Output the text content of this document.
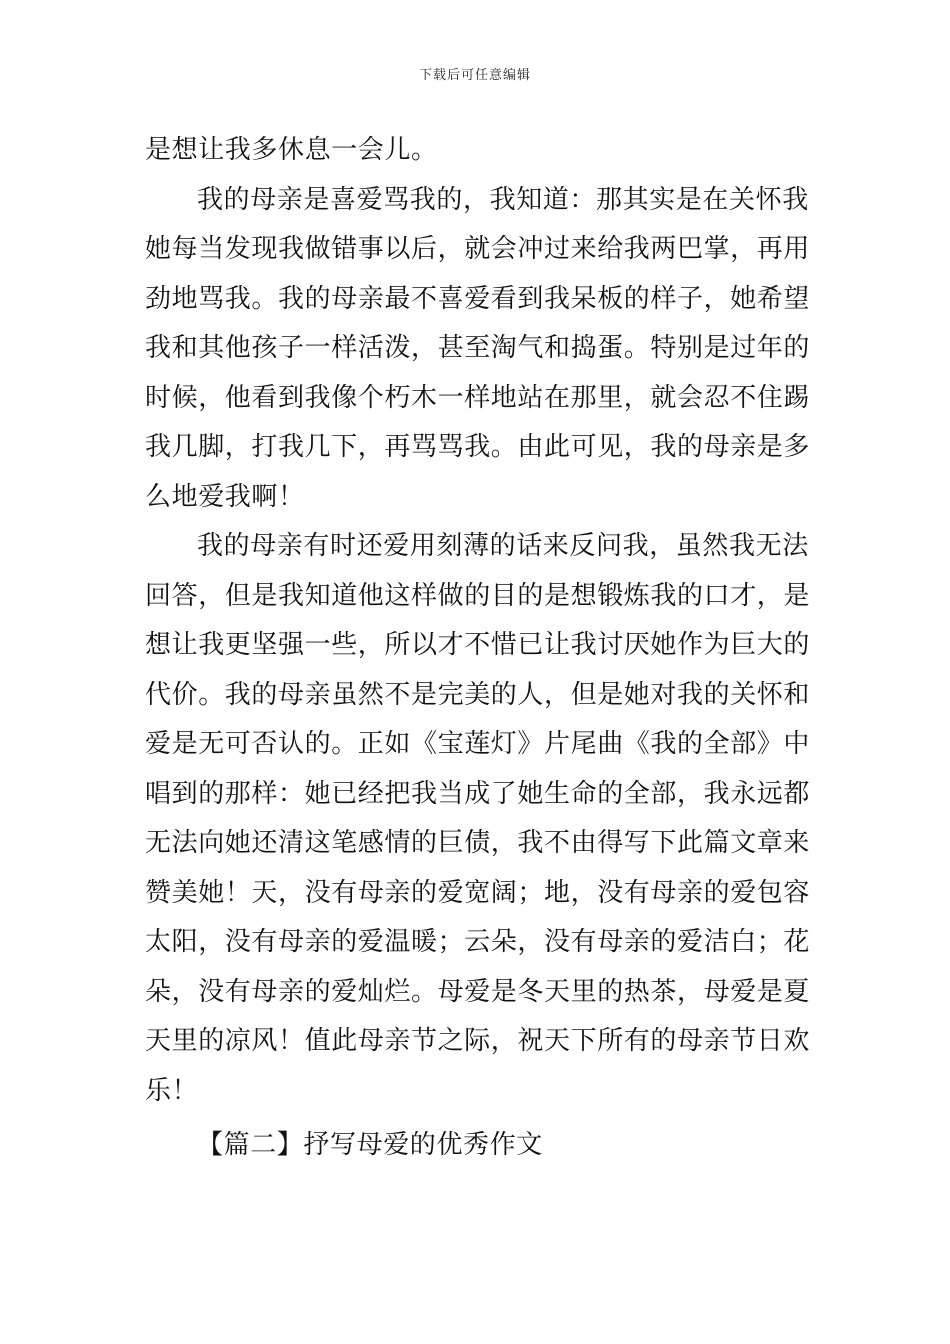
下载后可任意编辑
是想让我多休息一会儿。
我的母亲是喜爱骂我的，我知道：那其实是在关怀我
她每当发现我做错事以后，就会冲过来给我两巴掌，再用
劲地骂我。我的母亲最不喜爱看到我呆板的样子，她希望
我和其他孩子一样活泼，甚至淘气和捣蛋。特别是过年的
时候，他看到我像个朽木一样地站在那里，就会忍不住踢
我几脚，打我几下，再骂骂我。由此可见，我的母亲是多
么地爱我啊！
我的母亲有时还爱用刻薄的话来反问我，虽然我无法
回答，但是我知道他这样做的目的是想锻炼我的口才，是
想让我更坚强一些，所以才不惜已让我讨厌她作为巨大的
代价。我的母亲虽然不是完美的人，但是她对我的关怀和
爱是无可否认的。正如《宝莲灯》片尾曲《我的全部》中
唱到的那样：她已经把我当成了她生命的全部，我永远都
无法向她还清这笔感情的巨债，我不由得写下此篇文章来
赞美她！天，没有母亲的爱宽阔；地，没有母亲的爱包容
太阳，没有母亲的爱温暖；云朵，没有母亲的爱洁白；花
朵，没有母亲的爱灿烂。母爱是冬天里的热茶，母爱是夏
天里的凉风！值此母亲节之际，祝天下所有的母亲节日欢
乐！
【篇二】抒写母爱的优秀作文
